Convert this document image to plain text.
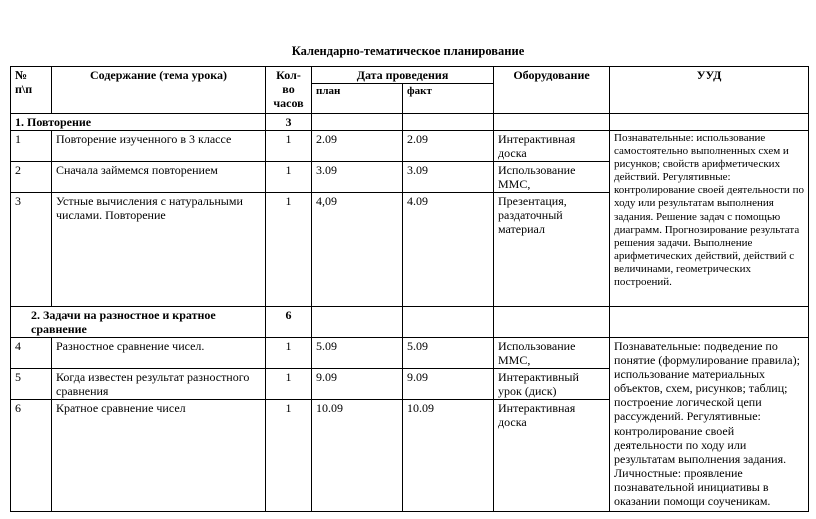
Календарно-тематическое планирование
№ п\п	Содержание (тема урока)	Кол-во часов	Дата проведения		Оборудование	УУД
			план	факт		
1. Повторение		3				
1	Повторение изученного в 3 классе	1	2.09	2.09	Интерактивная доска	Познавательные: использование самостоятельно выполненных схем и рисунков; свойств арифметических действий. Регулятивные: контролирование своей деятельности по ходу или результатам выполнения задания. Решение задач с помощью диаграмм. Прогнозирование результата решения задачи. Выполнение арифметических действий, действий с величинами, геометрических построений.
2	Сначала займемся повторением	1	3.09	3.09	Использование ММС,	
3	Устные вычисления с натуральными числами. Повторение	1	4,09	4.09	Презентация, раздаточный материал	
2. Задачи на разностное и кратное сравнение		6				
4	Разностное сравнение чисел.	1	5.09	5.09	Использование ММС,	Познавательные: подведение по понятие (формулирование правила); использование материальных объектов, схем, рисунков; таблиц; построение логической цепи рассуждений. Регулятивные: контролирование своей деятельности по ходу или результатам выполнения задания. Личностные: проявление познавательной инициативы в оказании помощи соученикам.
5	Когда известен результат разностного сравнения	1	9.09	9.09	Интерактивный урок (диск)	
6	Кратное сравнение чисел	1	10.09	10.09	Интерактивная доска	
